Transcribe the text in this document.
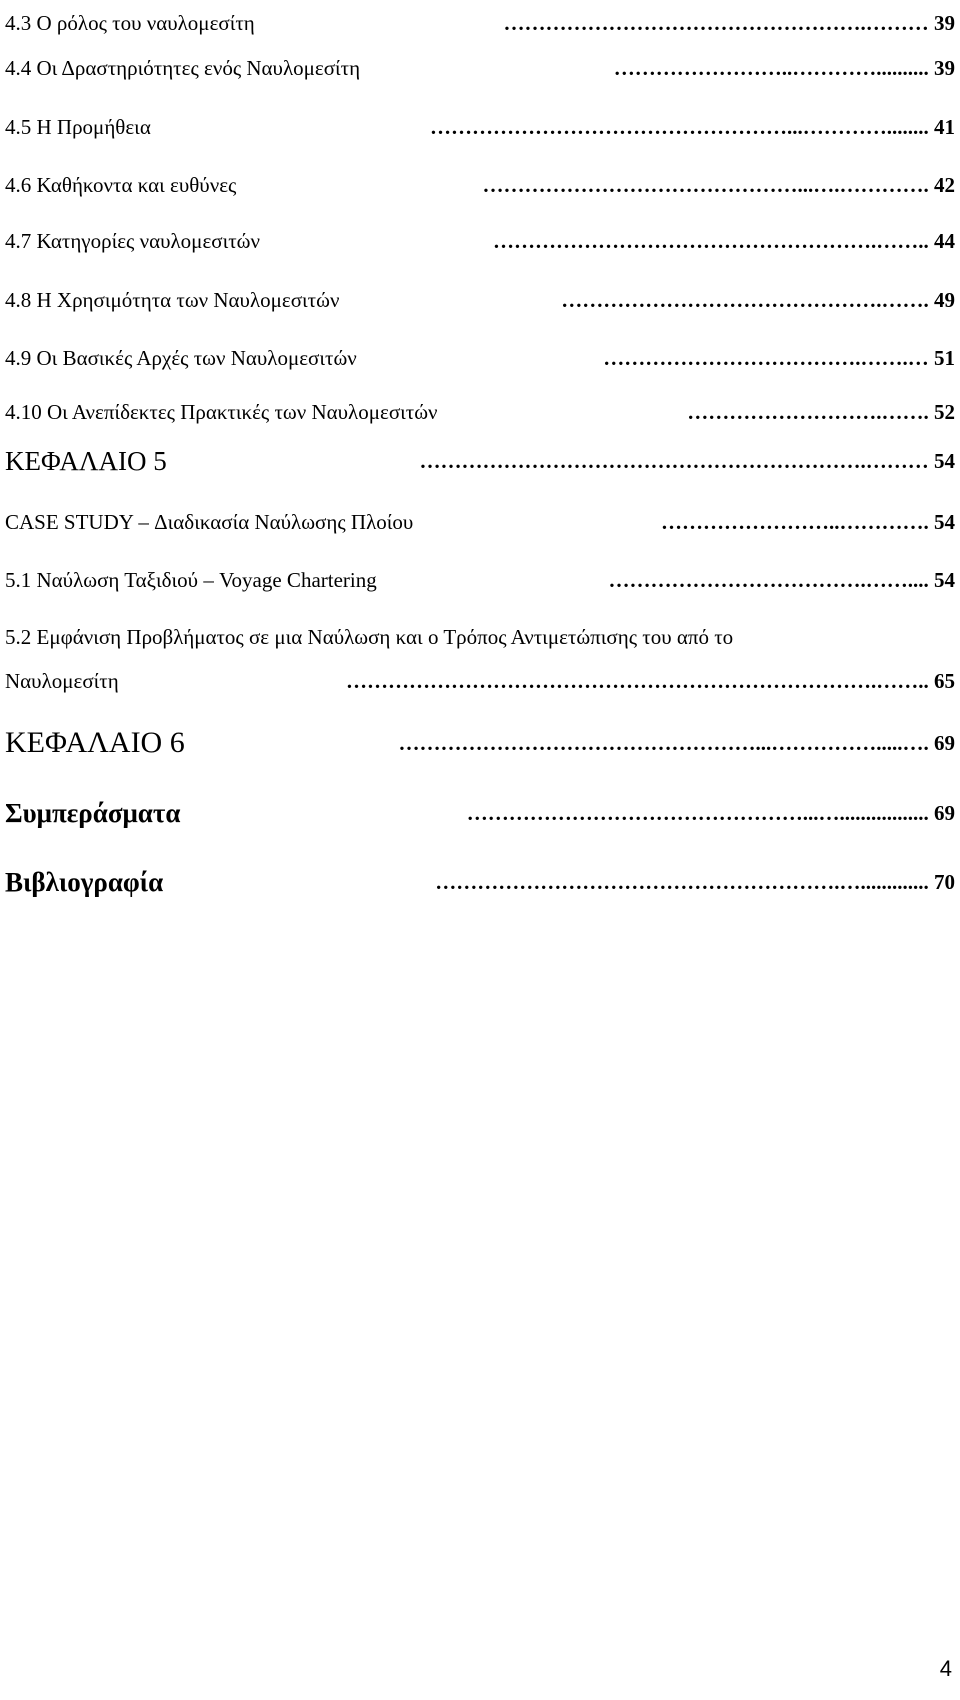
4.3 Ο ρόλος του ναυλομεσίτη	…………………………………………….……… 39
4.4 Οι Δραστηριότητες ενός Ναυλομεσίτη	……………………..………….......... 39
4.5 Η Προμήθεια	……………………………………………...…………........ 41
4.6 Καθήκοντα και ευθύνες	………………………………………...….…………. 42
4.7 Κατηγορίες ναυλομεσιτών	……………………………………………….…….. 44
4.8 Η Χρησιμότητα των Ναυλομεσιτών	……………………………………….……. 49
4.9 Οι Βασικές Αρχές των Ναυλομεσιτών	……………………………….…….… 51
4.10 Οι Ανεπίδεκτες Πρακτικές των Ναυλομεσιτών	……………………….……. 52
ΚΕΦΑΛΑΙΟ 5	……………………………………………………….……… 54
CASE STUDY – Διαδικασία Ναύλωσης Πλοίου	……………………..…………. 54
5.1 Ναύλωση Ταξιδιού – Voyage Chartering	……………………………….…….... 54
5.2 Εμφάνιση Προβλήματος σε μια Ναύλωση και ο Τρόπος Αντιμετώπισης του από το
Ναυλομεσίτη	………………………………………………………………….…….. 65
ΚΕΦΑΛΑΙΟ 6	……………………………………………...…………….....…. 69
Συμπεράσματα	…………………………………………...…................. 69
Βιβλιογραφία	………………………………………………….…............. 70
4
